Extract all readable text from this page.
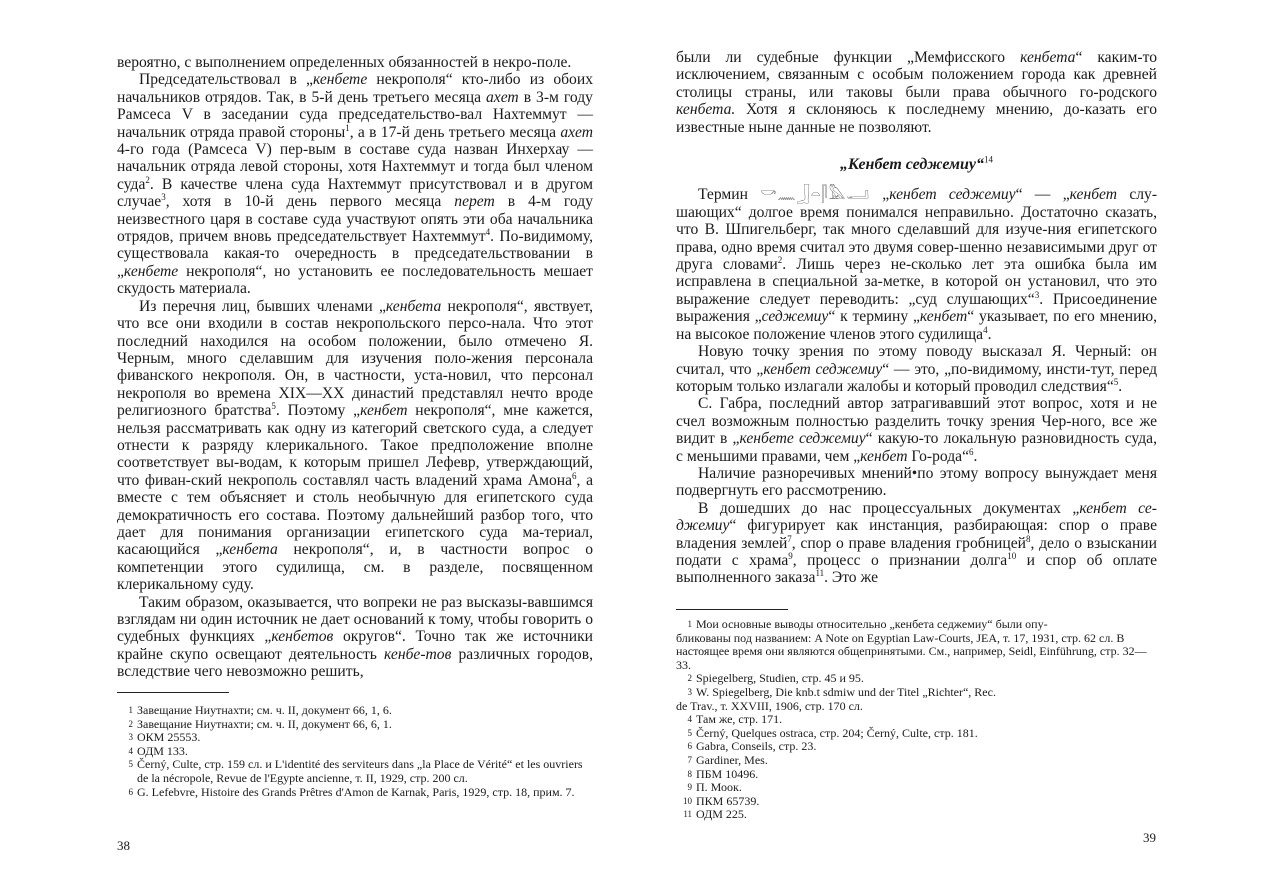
вероятно, с выполнением определенных обязанностей в некро-поле.

Председательствовал в „кенбете некрополя“ кто-либо из обоих начальников отрядов. Так, в 5-й день третьего месяца ахет в 3-м году Рамсеса V в заседании суда председательство-вал Нахтеммут — начальник отряда правой стороны$^1$, а в 17-й день третьего месяца ахет 4-го года (Рамсеса V) пер-вым в составе суда назван Инхерхау — начальник отряда левой стороны, хотя Нахтеммут и тогда был членом суда$^2$. В качестве члена суда Нахтеммут присутствовал и в другом случае$^3$, хотя в 10-й день первого месяца перет в 4-м году неизвестного царя в составе суда участвуют опять эти оба начальника отрядов, причем вновь председательствует Нахтеммут$^4$. По-видимому, существовала какая-то очередность в председательствовании в „кенбете некрополя“, но установить ее последовательность мешает скудость материала.

Из перечня лиц, бывших членами „кенбета некрополя“, явствует, что все они входили в состав некропольского персо-нала. Что этот последний находился на особом положении, было отмечено Я. Черным, много сделавшим для изучения поло-жения персонала фиванского некрополя. Он, в частности, уста-новил, что персонал некрополя во времена XIX—XX династий представлял нечто вроде религиозного братства$^5$. Поэтому „кенбет некрополя“, мне кажется, нельзя рассматривать как одну из категорий светского суда, а следует отнести к разряду клерикального. Такое предположение вполне соответствует вы-водам, к которым пришел Лефевр, утверждающий, что фиван-ский некрополь составлял часть владений храма Амона$^6$, а вместе с тем объясняет и столь необычную для египетского суда демократичность его состава. Поэтому дальнейший разбор того, что дает для понимания организации египетского суда ма-териал, касающийся „кенбета некрополя“, и, в частности вопрос о компетенции этого судилища, см. в разделе, посвященном клерикальному суду.

Таким образом, оказывается, что вопреки не раз высказы-вавшимся взглядам ни один источник не дает оснований к тому, чтобы говорить о судебных функциях „кенбетов округов“. Точно так же источники крайне скупо освещают деятельность кенбе-тов различных городов, вследствие чего невозможно решить,

1 Завещание Ниутнахти; см. ч. II, документ 66, 1, 6.
2 Завещание Ниутнахти; см. ч. II, документ 66, 6, 1.
3 ОКМ 25553.
4 ОДМ 133.
5 Černý, Culte, стр. 159 сл. и L'identité des serviteurs dans „la Place de Vérité“ et les ouvriers de la nécropole, Revue de l'Egypte ancienne, т. II, 1929, стр. 200 сл.
6 G. Lefebvre, Histoire des Grands Prêtres d'Amon de Karnak, Paris, 1929, стр. 18, прим. 7.
38

были ли судебные функции „Мемфисского кенбета“ каким-то исключением, связанным с особым положением города как древней столицы страны, или таковы были права обычного го-родского кенбета. Хотя я склоняюсь к последнему мнению, до-казать его известные ныне данные не позволяют.

„Кенбет седжемиу“$^{14}$

Термин 𓎡𓈖𓃀𓏏𓋴𓅓𓂝 „кенбет седжемиу“ — „кенбет слу-шающих“ долгое время понимался неправильно. Достаточно сказать, что В. Шпигельберг, так много сделавший для изуче-ния египетского права, одно время считал это двумя совер-шенно независимыми друг от друга словами$^2$. Лишь через не-сколько лет эта ошибка была им исправлена в специальной за-метке, в которой он установил, что это выражение следует переводить: „суд слушающих“$^3$. Присоединение выражения „седжемиу“ к термину „кенбет“ указывает, по его мнению, на высокое положение членов этого судилища$^4$.

Новую точку зрения по этому поводу высказал Я. Черный: он считал, что „кенбет седжемиу“ — это, „по-видимому, инсти-тут, перед которым только излагали жалобы и который проводил следствия“$^5$.

С. Габра, последний автор затрагивавший этот вопрос, хотя и не счел возможным полностью разделить точку зрения Чер-ного, все же видит в „кенбете седжемиу“ какую-то локальную разновидность суда, с меньшими правами, чем „кенбет Го-рода“$^6$.

Наличие разноречивых мнений•по этому вопросу вынуждает меня подвергнуть его рассмотрению.

В дошедших до нас процессуальных документах „кенбет се-джемиу“ фигурирует как инстанция, разбирающая: спор о праве владения землей$^7$, спор о праве владения гробницей$^8$, дело о взыскании подати с храма$^9$, процесс о признании долга$^{10}$ и спор об оплате выполненного заказа$^{11}$. Это же

1 Мои основные выводы относительно „кенбета седжемиу“ были опу-
бликованы под названием: A Note on Egyptian Law-Courts, JEA, т. 17, 1931, стр. 62 сл. В настоящее время они являются общепринятыми. См., например, Seidl, Einführung, стр. 32—33.
2 Spiegelberg, Studien, стр. 45 и 95.
3 W. Spiegelberg, Die knb.t sdmiw und der Titel „Richter“, Rec.
de Trav., т. XXVIII, 1906, стр. 170 сл.
4 Там же, стр. 171.
5 Černý, Quelques ostraca, стр. 204; Černý, Culte, стр. 181.
6 Gabra, Conseils, стр. 23.
7 Gardiner, Mes.
8 ПБМ 10496.
9 П. Моок.
10 ПКМ 65739.
11 ОДМ 225.
39
